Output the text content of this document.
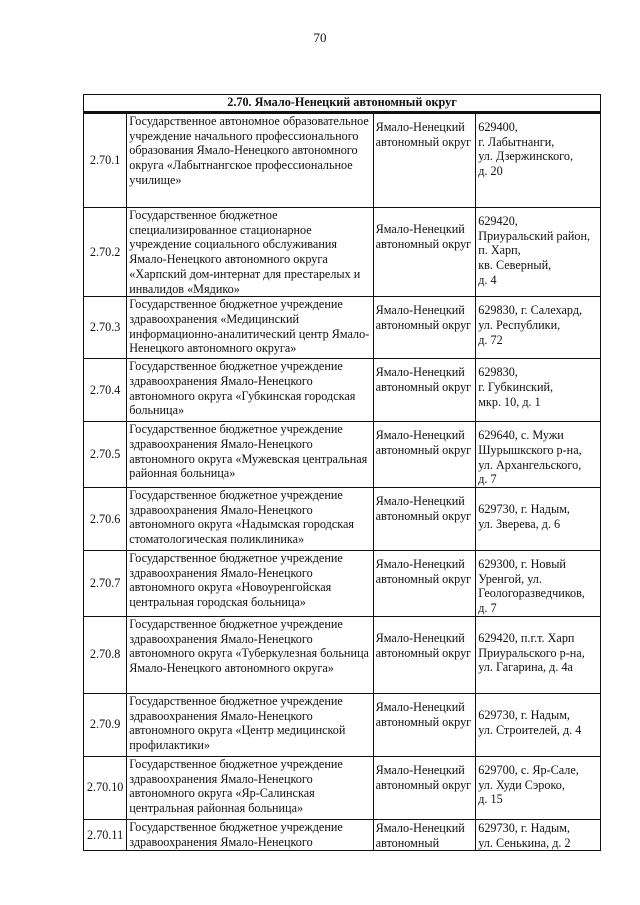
70
2.70. Ямало-Ненецкий автономный округ			
2.70.1	Государственное автономное образовательное учреждение начального профессионального образования Ямало-Ненецкого автономного округа «Лабытнангское профессиональное училище»	Ямало-Ненецкий автономный округ	629400,
г. Лабытнанги,
ул. Дзержинского,
д. 20

2.70.2	Государственное бюджетное специализированное стационарное учреждение социального обслуживания Ямало-Ненецкого автономного округа «Харпский дом-интернат для престарелых и инвалидов «Мядико»	Ямало-Ненецкий автономный округ	629420,
Приуральский район,
п. Харп,
кв. Северный,
д. 4

2.70.3	Государственное бюджетное учреждение здравоохранения «Медицинский информационно-аналитический центр Ямало-Ненецкого автономного округа»	Ямало-Ненецкий автономный округ	629830, г. Салехард,
ул. Республики,
д. 72

2.70.4	Государственное бюджетное учреждение здравоохранения Ямало-Ненецкого автономного округа «Губкинская городская больница»	Ямало-Ненецкий автономный округ	629830,
г. Губкинский,
мкр. 10, д. 1

2.70.5	Государственное бюджетное учреждение здравоохранения Ямало-Ненецкого автономного округа «Мужевская центральная районная больница»	Ямало-Ненецкий автономный округ	629640, с. Мужи
Шурышкского р-на,
ул. Архангельского,
д. 7

2.70.6	Государственное бюджетное учреждение здравоохранения Ямало-Ненецкого автономного округа «Надымская городская стоматологическая поликлиника»	Ямало-Ненецкий автономный округ	629730, г. Надым,
ул. Зверева, д. 6

2.70.7	Государственное бюджетное учреждение здравоохранения Ямало-Ненецкого автономного округа «Новоуренгойская центральная городская больница»	Ямало-Ненецкий автономный округ	629300, г. Новый
Уренгой, ул.
Геологоразведчиков,
д. 7

2.70.8	Государственное бюджетное учреждение здравоохранения Ямало-Ненецкого автономного округа «Туберкулезная больница Ямало-Ненецкого автономного округа»	Ямало-Ненецкий автономный округ	629420, п.г.т. Харп
Приуральского р-на,
ул. Гагарина, д. 4а

2.70.9	Государственное бюджетное учреждение здравоохранения Ямало-Ненецкого автономного округа «Центр медицинской профилактики»	Ямало-Ненецкий автономный округ	629730, г. Надым,
ул. Строителей, д. 4

2.70.10	Государственное бюджетное учреждение здравоохранения Ямало-Ненецкого автономного округа «Яр-Салинская центральная районная больница»	Ямало-Ненецкий автономный округ	629700, с. Яр-Сале,
ул. Худи Сэроко,
д. 15

2.70.11	Государственное бюджетное учреждение здравоохранения Ямало-Ненецкого	Ямало-Ненецкий автономный	629730, г. Надым,
ул. Сенькина, д. 2
